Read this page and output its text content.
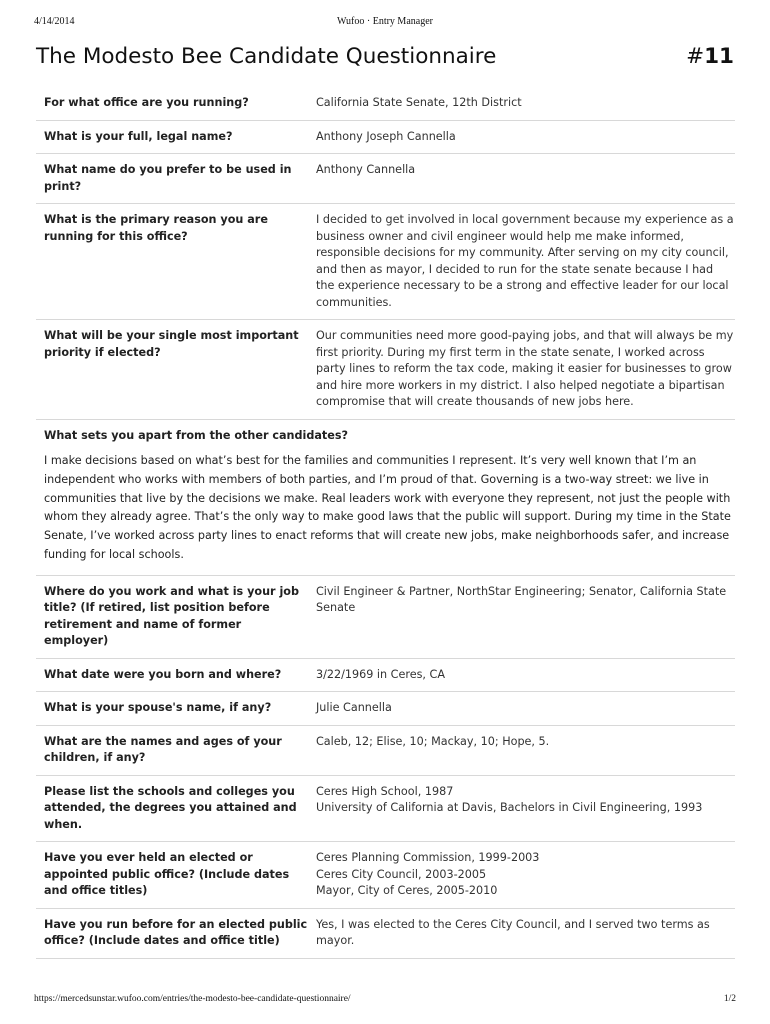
4/14/2014	Wufoo · Entry Manager
The Modesto Bee Candidate Questionnaire	#11
For what office are you running?	California State Senate, 12th District
What is your full, legal name?	Anthony Joseph Cannella
What name do you prefer to be used in print?
Anthony Cannella
What is the primary reason you are running for this office?
I decided to get involved in local government because my experience as a business owner and civil engineer would help me make informed, responsible decisions for my community. After serving on my city council, and then as mayor, I decided to run for the state senate because I had the experience necessary to be a strong and effective leader for our local communities.
What will be your single most important priority if elected?
Our communities need more good-paying jobs, and that will always be my first priority. During my first term in the state senate, I worked across party lines to reform the tax code, making it easier for businesses to grow and hire more workers in my district. I also helped negotiate a bipartisan compromise that will create thousands of new jobs here.
What sets you apart from the other candidates?
I make decisions based on what’s best for the families and communities I represent. It’s very well known that I’m an independent who works with members of both parties, and I’m proud of that. Governing is a two-way street: we live in communities that live by the decisions we make. Real leaders work with everyone they represent, not just the people with whom they already agree. That’s the only way to make good laws that the public will support. During my time in the State Senate, I’ve worked across party lines to enact reforms that will create new jobs, make neighborhoods safer, and increase funding for local schools.
Where do you work and what is your job title? (If retired, list position before retirement and name of former employer)
Civil Engineer & Partner, NorthStar Engineering; Senator, California State Senate
What date were you born and where?	3/22/1969 in Ceres, CA
What is your spouse's name, if any?	Julie Cannella
What are the names and ages of your children, if any?
Caleb, 12; Elise, 10; Mackay, 10; Hope, 5.
Please list the schools and colleges you attended, the degrees you attained and when.
Ceres High School, 1987
University of California at Davis, Bachelors in Civil Engineering, 1993
Have you ever held an elected or appointed public office? (Include dates and office titles)
Ceres Planning Commission, 1999-2003
Ceres City Council, 2003-2005
Mayor, City of Ceres, 2005-2010
Have you run before for an elected public office? (Include dates and office title)
Yes, I was elected to the Ceres City Council, and I served two terms as mayor.
https://mercedsunstar.wufoo.com/entries/the-modesto-bee-candidate-questionnaire/	1/2
